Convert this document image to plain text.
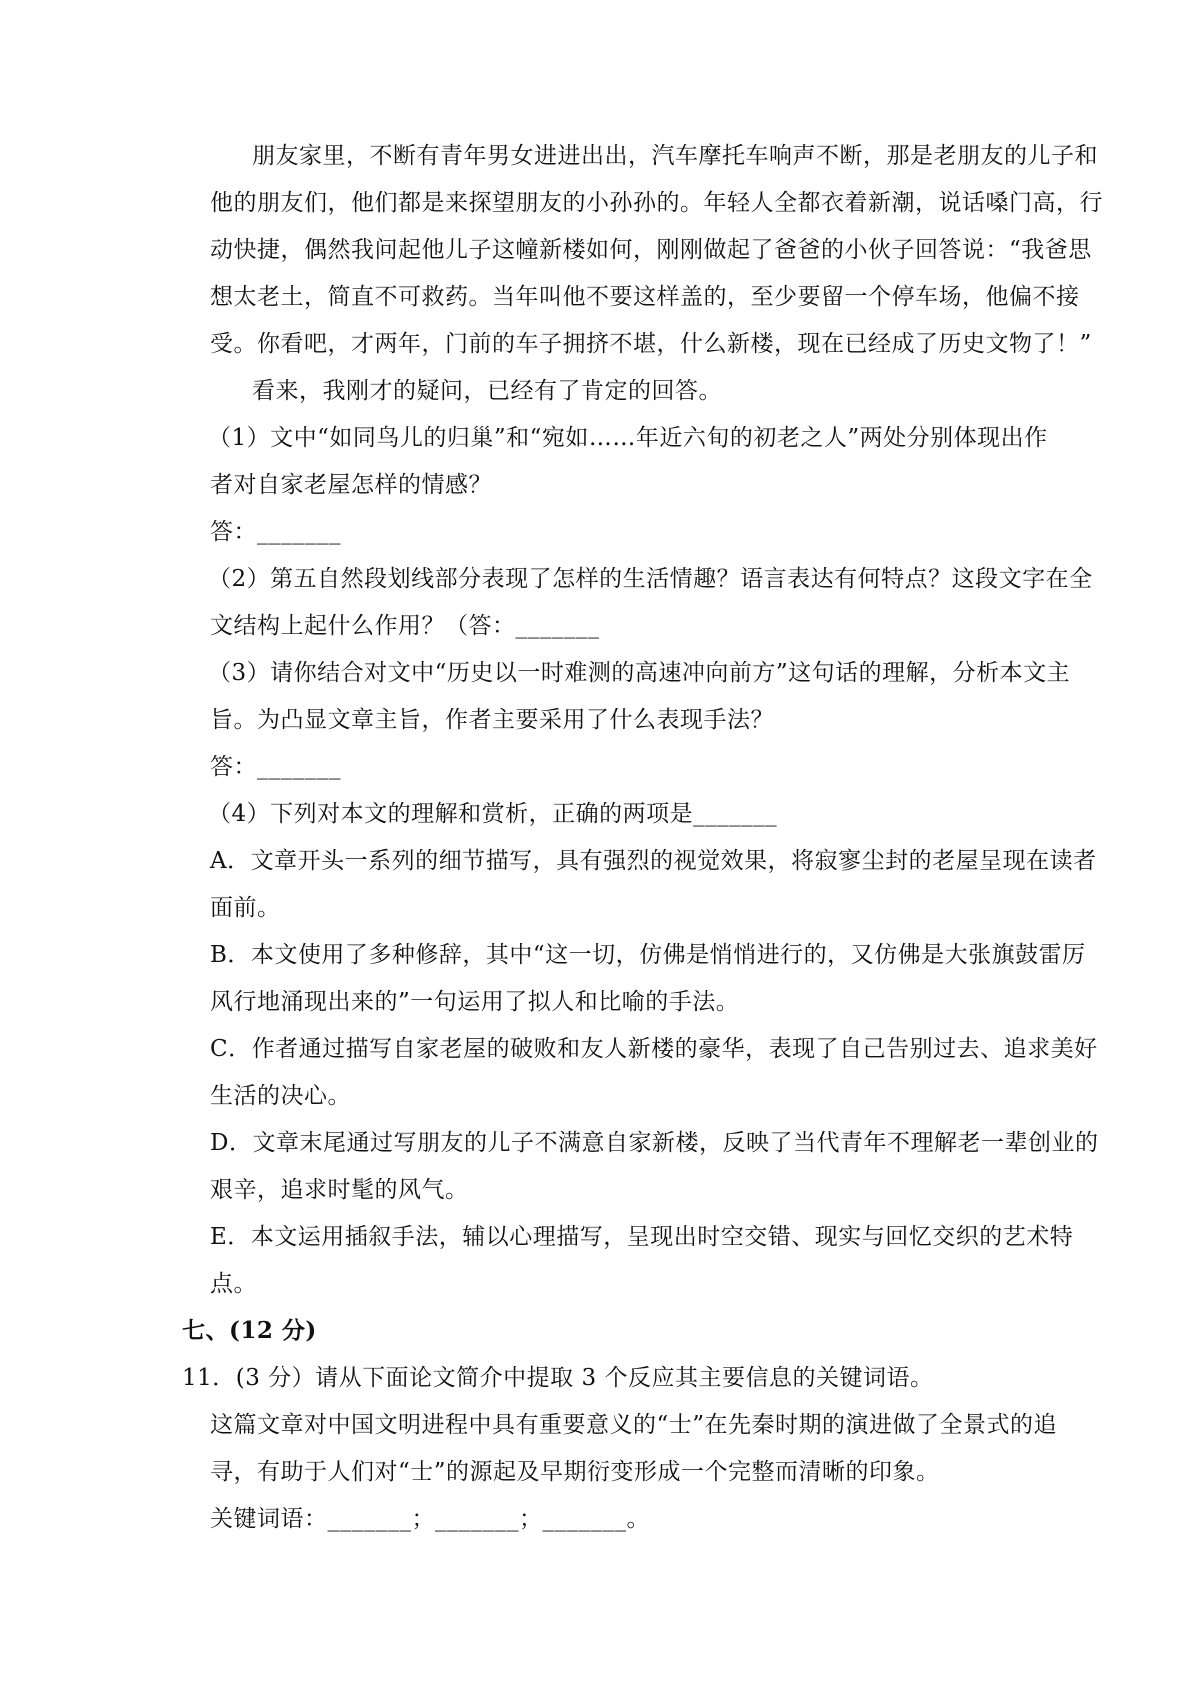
朋友家里，不断有青年男女进进出出，汽车摩托车响声不断，那是老朋友的儿子和
他的朋友们，他们都是来探望朋友的小孙孙的。年轻人全都衣着新潮，说话嗓门高，行
动快捷，偶然我问起他儿子这幢新楼如何，刚刚做起了爸爸的小伙子回答说：“我爸思
想太老土，简直不可救药。当年叫他不要这样盖的，至少要留一个停车场，他偏不接
受。你看吧，才两年，门前的车子拥挤不堪，什么新楼，现在已经成了历史文物了！”
看来，我刚才的疑问，已经有了肯定的回答。
（1）文中“如同鸟儿的归巢”和“宛如……年近六旬的初老之人”两处分别体现出作
者对自家老屋怎样的情感？
答：_______
（2）第五自然段划线部分表现了怎样的生活情趣？语言表达有何特点？这段文字在全
文结构上起什么作用？（答：_______
（3）请你结合对文中“历史以一时难测的高速冲向前方”这句话的理解，分析本文主
旨。为凸显文章主旨，作者主要采用了什么表现手法？
答：_______
（4）下列对本文的理解和赏析，正确的两项是_______
A．文章开头一系列的细节描写，具有强烈的视觉效果，将寂寥尘封的老屋呈现在读者
面前。
B．本文使用了多种修辞，其中“这一切，仿佛是悄悄进行的，又仿佛是大张旗鼓雷厉
风行地涌现出来的”一句运用了拟人和比喻的手法。
C．作者通过描写自家老屋的破败和友人新楼的豪华，表现了自己告别过去、追求美好
生活的决心。
D．文章末尾通过写朋友的儿子不满意自家新楼，反映了当代青年不理解老一辈创业的
艰辛，追求时髦的风气。
E．本文运用插叙手法，辅以心理描写，呈现出时空交错、现实与回忆交织的艺术特
点。
七、(12 分)
11．(3 分）请从下面论文简介中提取 3 个反应其主要信息的关键词语。
这篇文章对中国文明进程中具有重要意义的“士”在先秦时期的演进做了全景式的追
寻，有助于人们对“士”的源起及早期衍变形成一个完整而清晰的印象。
关键词语：_______；_______；_______。
